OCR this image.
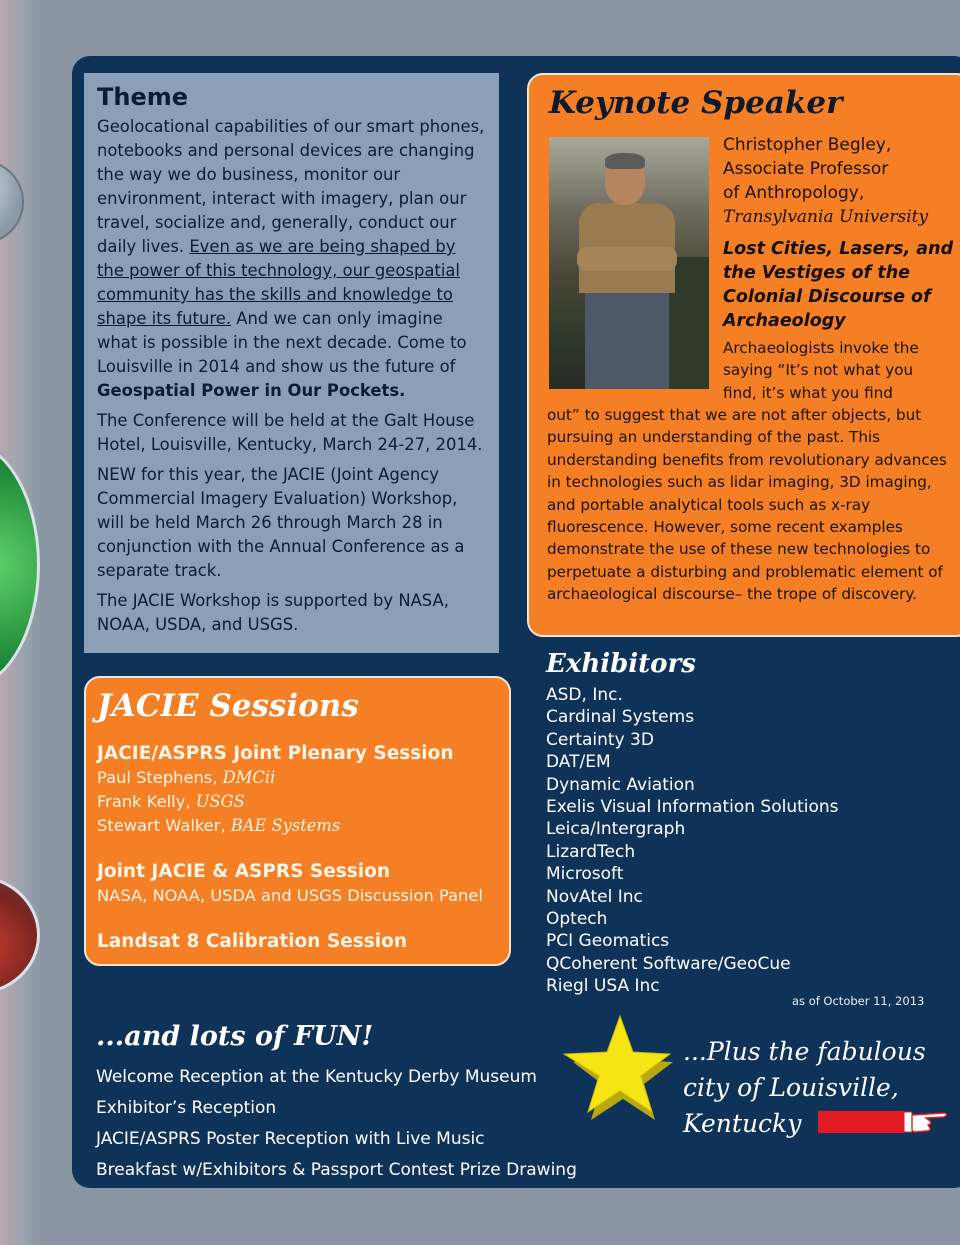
Theme

Geolocational capabilities of our smart phones, notebooks and personal devices are changing the way we do business, monitor our environment, interact with imagery, plan our travel, socialize and, generally, conduct our daily lives. Even as we are being shaped by the power of this technology, our geospatial community has the skills and knowledge to shape its future. And we can only imagine what is possible in the next decade. Come to Louisville in 2014 and show us the future of Geospatial Power in Our Pockets.

The Conference will be held at the Galt House Hotel, Louisville, Kentucky, March 24-27, 2014.

NEW for this year, the JACIE (Joint Agency Commercial Imagery Evaluation) Workshop, will be held March 26 through March 28 in conjunction with the Annual Conference as a separate track.

The JACIE Workshop is supported by NASA, NOAA, USDA, and USGS.

Keynote Speaker
Christopher Begley,
Associate Professor
of Anthropology,
Transylvania University
Lost Cities, Lasers, and the Vestiges of the Colonial Discourse of Archaeology

Archaeologists invoke the saying “It’s not what you find, it’s what you find

out” to suggest that we are not after objects, but pursuing an understanding of the past. This understanding benefits from revolutionary advances in technologies such as lidar imaging, 3D imaging, and portable analytical tools such as x-ray fluorescence. However, some recent examples demonstrate the use of these new technologies to perpetuate a disturbing and problematic element of archaeological discourse– the trope of discovery.

JACIE Sessions
JACIE/ASPRS Joint Plenary Session
Paul Stephens, DMCii
Frank Kelly, USGS
Stewart Walker, BAE Systems
Joint JACIE & ASPRS Session
NASA, NOAA, USDA and USGS Discussion Panel
Landsat 8 Calibration Session
Exhibitors
ASD, Inc.
Cardinal Systems
Certainty 3D
DAT/EM
Dynamic Aviation
Exelis Visual Information Solutions
Leica/Intergraph
LizardTech
Microsoft
NovAtel Inc
Optech
PCI Geomatics
QCoherent Software/GeoCue
Riegl USA Inc
as of October 11, 2013
...and lots of FUN!
Welcome Reception at the Kentucky Derby Museum
Exhibitor’s Reception
JACIE/ASPRS Poster Reception with Live Music
Breakfast w/Exhibitors & Passport Contest Prize Drawing
...Plus the fabulous
city of Louisville,
Kentucky
